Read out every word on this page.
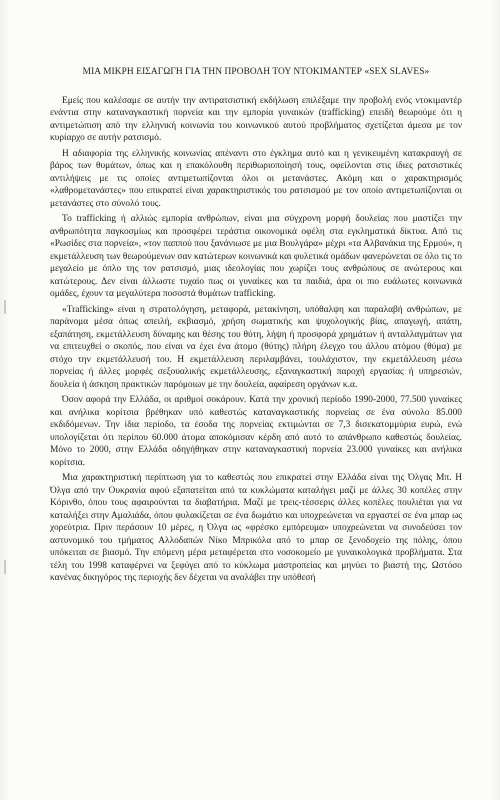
ΜΙΑ ΜΙΚΡΗ ΕΙΣΑΓΩΓΗ ΓΙΑ ΤΗΝ ΠΡΟΒΟΛΗ ΤΟΥ ΝΤΟΚΙΜΑΝΤΕΡ «SEX SLAVES»

Εμείς που καλέσαμε σε αυτήν την αντιρατσιστική εκδήλωση επιλέξαμε την προβολή ενός ντοκιμαντέρ ενάντια στην καταναγκαστική πορνεία και την εμπορία γυναικών (trafficking) επειδή θεωρούμε ότι η αντιμετώπιση από την ελληνική κοινωνία του κοινωνικού αυτού προβλήματος σχετίζεται άμεσα με τον κυρίαρχο σε αυτήν ρατσισμό.

Η αδιαφορία της ελληνικής κοινωνίας απέναντι στο έγκλημα αυτό και η γενικευμένη κατακραυγή σε βάρος των θυμάτων, όπως και η επακόλουθη περιθωριοποίησή τους, οφείλονται στις ίδιες ρατσιστικές αντιλήψεις με τις οποίες αντιμετωπίζονται όλοι οι μετανάστες. Ακόμη και ο χαρακτηρισμός «λαθρομετανάστες» που επικρατεί είναι χαρακτηριστικός του ρατσισμού με τον οποίο αντιμετωπίζονται οι μετανάστες στο σύνολό τους.

Το trafficking ή αλλιώς εμπορία ανθρώπων, είναι μια σύγχρονη μορφή δουλείας που μαστίζει την ανθρωπότητα παγκοσμίως και προσφέρει τεράστια οικονομικά οφέλη στα εγκληματικά δίκτυα. Από τις «Ρωσίδες στα πορνεία», «τον παππού που ξανάνιωσε με μια Βουλγάρα» μέχρι «τα Αλβανάκια της Ερμού», η εκμετάλλευση των θεωρούμενων σαν κατώτερων κοινωνικά και φυλετικά ομάδων φανερώνεται σε όλο τις το μεγαλείο με όπλο της τον ρατσισμό, μιας ιδεολογίας που χωρίζει τους ανθρώπους σε ανώτερους και κατώτερους. Δεν είναι άλλωστε τυχαίο πως οι γυναίκες και τα παιδιά, άρα οι πιο ευάλωτες κοινωνικά ομάδες, έχουν τα μεγαλύτερα ποσοστά θυμάτων trafficking.

«Trafficking» είναι η στρατολόγηση, μεταφορά, μετακίνηση, υπόθαλψη και παραλαβή ανθρώπων, με παράνομα μέσα όπως απειλή, εκβιασμό, χρήση σωματικής και ψυχολογικής βίας, απαγωγή, απάτη, εξαπάτηση, εκμετάλλευση δύναμης και θέσης του θύτη, λήψη ή προσφορά χρημάτων ή ανταλλαγμάτων για να επιτευχθεί ο σκοπός, που είναι να έχει ένα άτομο (θύτης) πλήρη έλεγχο του άλλου ατόμου (θύμα) με στόχο την εκμετάλλευσή του. Η εκμετάλλευση περιλαμβάνει, τουλάχιστον, την εκμετάλλευση μέσω πορνείας ή άλλες μορφές σεξουαλικής εκμετάλλευσης, εξαναγκαστική παροχή εργασίας ή υπηρεσιών, δουλεία ή άσκηση πρακτικών παρόμοιων με την δουλεία, αφαίρεση οργάνων κ.α.

Όσον αφορά την Ελλάδα, οι αριθμοί σοκάρουν. Κατά την χρονική περίοδο 1990-2000, 77.500 γυναίκες και ανήλικα κορίτσια βρέθηκαν υπό καθεστώς καταναγκαστικής πορνείας σε ένα σύνολο 85.000 εκδιδόμενων. Την ίδια περίοδο, τα έσοδα της πορνείας εκτιμώνται σε 7,3 δισεκατομμύρια ευρώ, ενώ υπολογίζεται ότι περίπου 60.000 άτομα αποκόμισαν κέρδη από αυτό το απάνθρωπο καθεστώς δουλείας. Μόνο το 2000, στην Ελλάδα οδηγήθηκαν στην καταναγκαστική πορνεία 23.000 γυναίκες και ανήλικα κορίτσια.

Μια χαρακτηριστική περίπτωση για το καθεστώς που επικρατεί στην Ελλάδα είναι της Όλγας Μπ. Η Όλγα από την Ουκρανία αφού εξαπατείται από τα κυκλώματα καταλήγει μαζί με άλλες 30 κοπέλες στην Κόρινθο, όπου τους αφαιρούνται τα διαβατήρια. Μαζί με τρεις-τέσσερις άλλες κοπέλες πουλιέται για να καταλήξει στην Αμαλιάδα, όπου φυλακίζεται σε ένα δωμάτιο και υποχρεώνεται να εργαστεί σε ένα μπαρ ως χορεύτρια. Πριν περάσουν 10 μέρες, η Όλγα ως «φρέσκο εμπόρευμα» υποχρεώνεται να συνοδεύσει τον αστυνομικό του τμήματος Αλλοδαπών Νίκο Μπρικόλα από το μπαρ σε ξενοδοχείο της πόλης, όπου υπόκειται σε βιασμό. Την επόμενη μέρα μεταφέρεται στο νοσοκομείο με γυναικολογικά προβλήματα. Στα τέλη του 1998 καταφέρνει να ξεφύγει από το κύκλωμα μαστροπείας και μηνύει το βιαστή της. Ωστόσο κανένας δικηγόρος της περιοχής δεν δέχεται να αναλάβει την υπόθεσή
